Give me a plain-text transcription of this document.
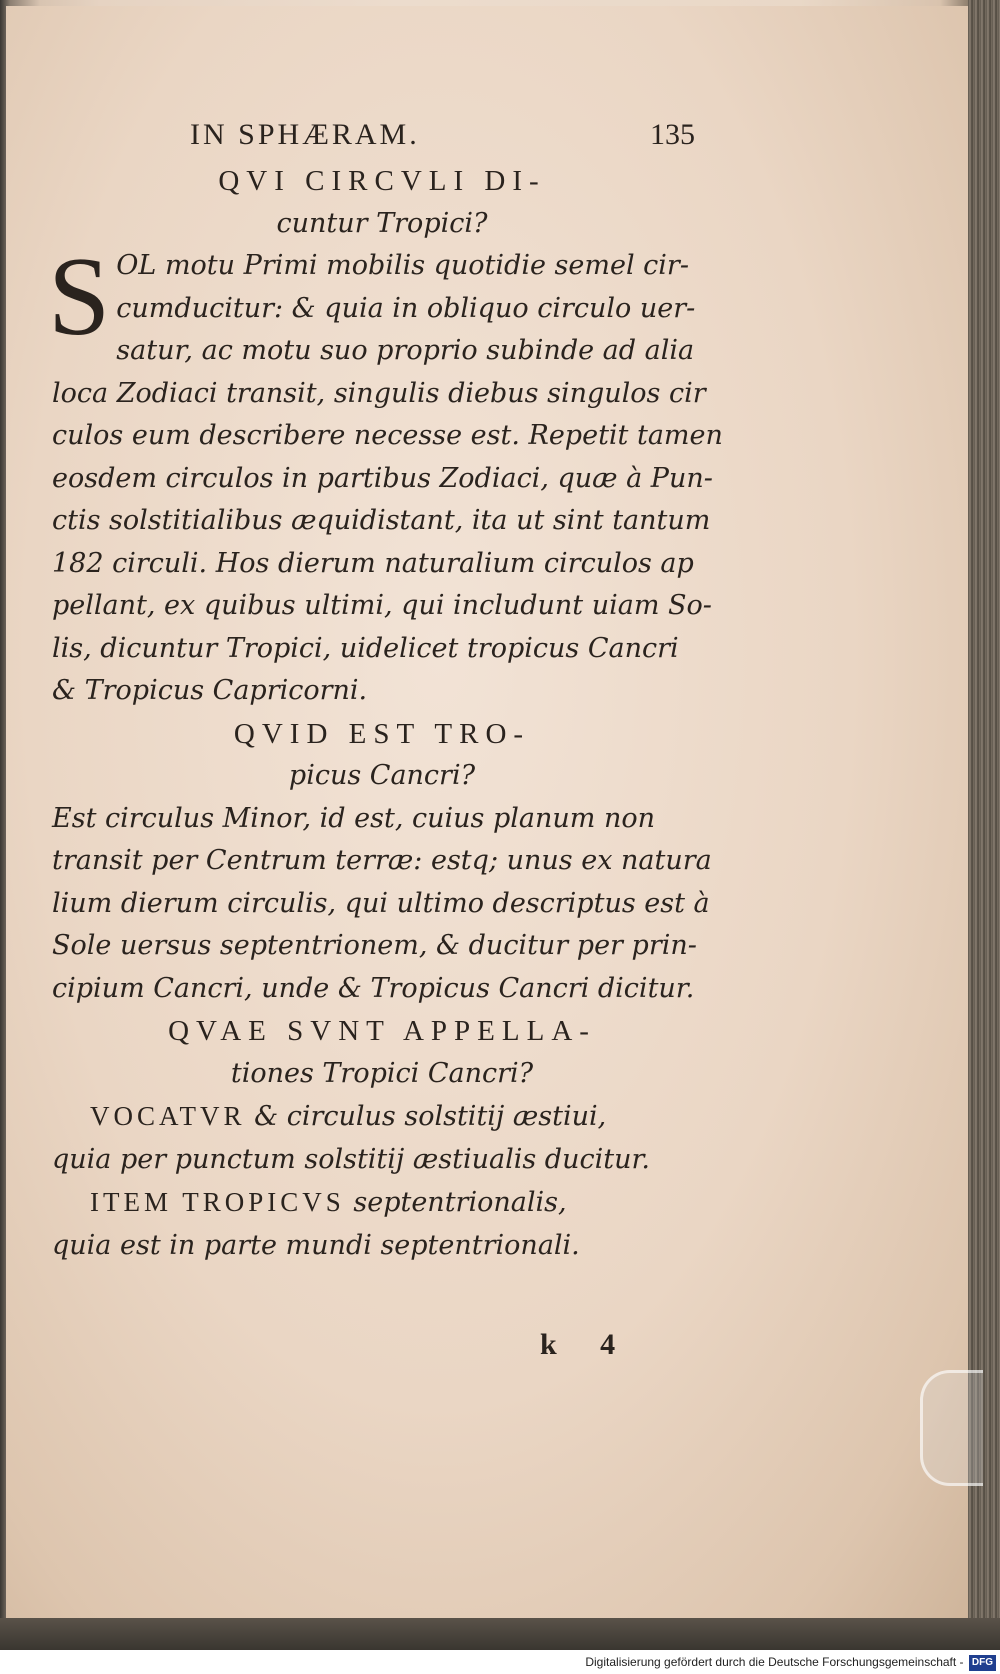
IN SPHÆRAM.	135

QVI CIRCVLI DI-

cuntur Tropici?

S OL motu Primi mobilis quotidie semel cir-
cumducitur: & quia in obliquo circulo uer-
satur, ac motu suo proprio subinde ad alia
loca Zodiaci transit, singulis diebus singulos cir
culos eum describere necesse est. Repetit tamen
eosdem circulos in partibus Zodiaci, quæ à Pun-
ctis solstitialibus æquidistant, ita ut sint tantum
182 circuli. Hos dierum naturalium circulos ap
pellant, ex quibus ultimi, qui includunt uiam So-
lis, dicuntur Tropici, uidelicet tropicus Cancri
& Tropicus Capricorni.

QVID EST TRO-

picus Cancri?

Est circulus Minor, id est, cuius planum non
transit per Centrum terræ: estq; unus ex natura
lium dierum circulis, qui ultimo descriptus est à
Sole uersus septentrionem, & ducitur per prin-
cipium Cancri, unde & Tropicus Cancri dicitur.

QVAE SVNT APPELLA-

tiones Tropici Cancri?

VOCATVR & circulus solstitij æstiui,
quia per punctum solstitij æstiualis ducitur.
ITEM TROPICVS septentrionalis,
quia est in parte mundi septentrionali.
k 4
Digitalisierung gefördert durch die Deutsche Forschungsgemeinschaft - DFG
